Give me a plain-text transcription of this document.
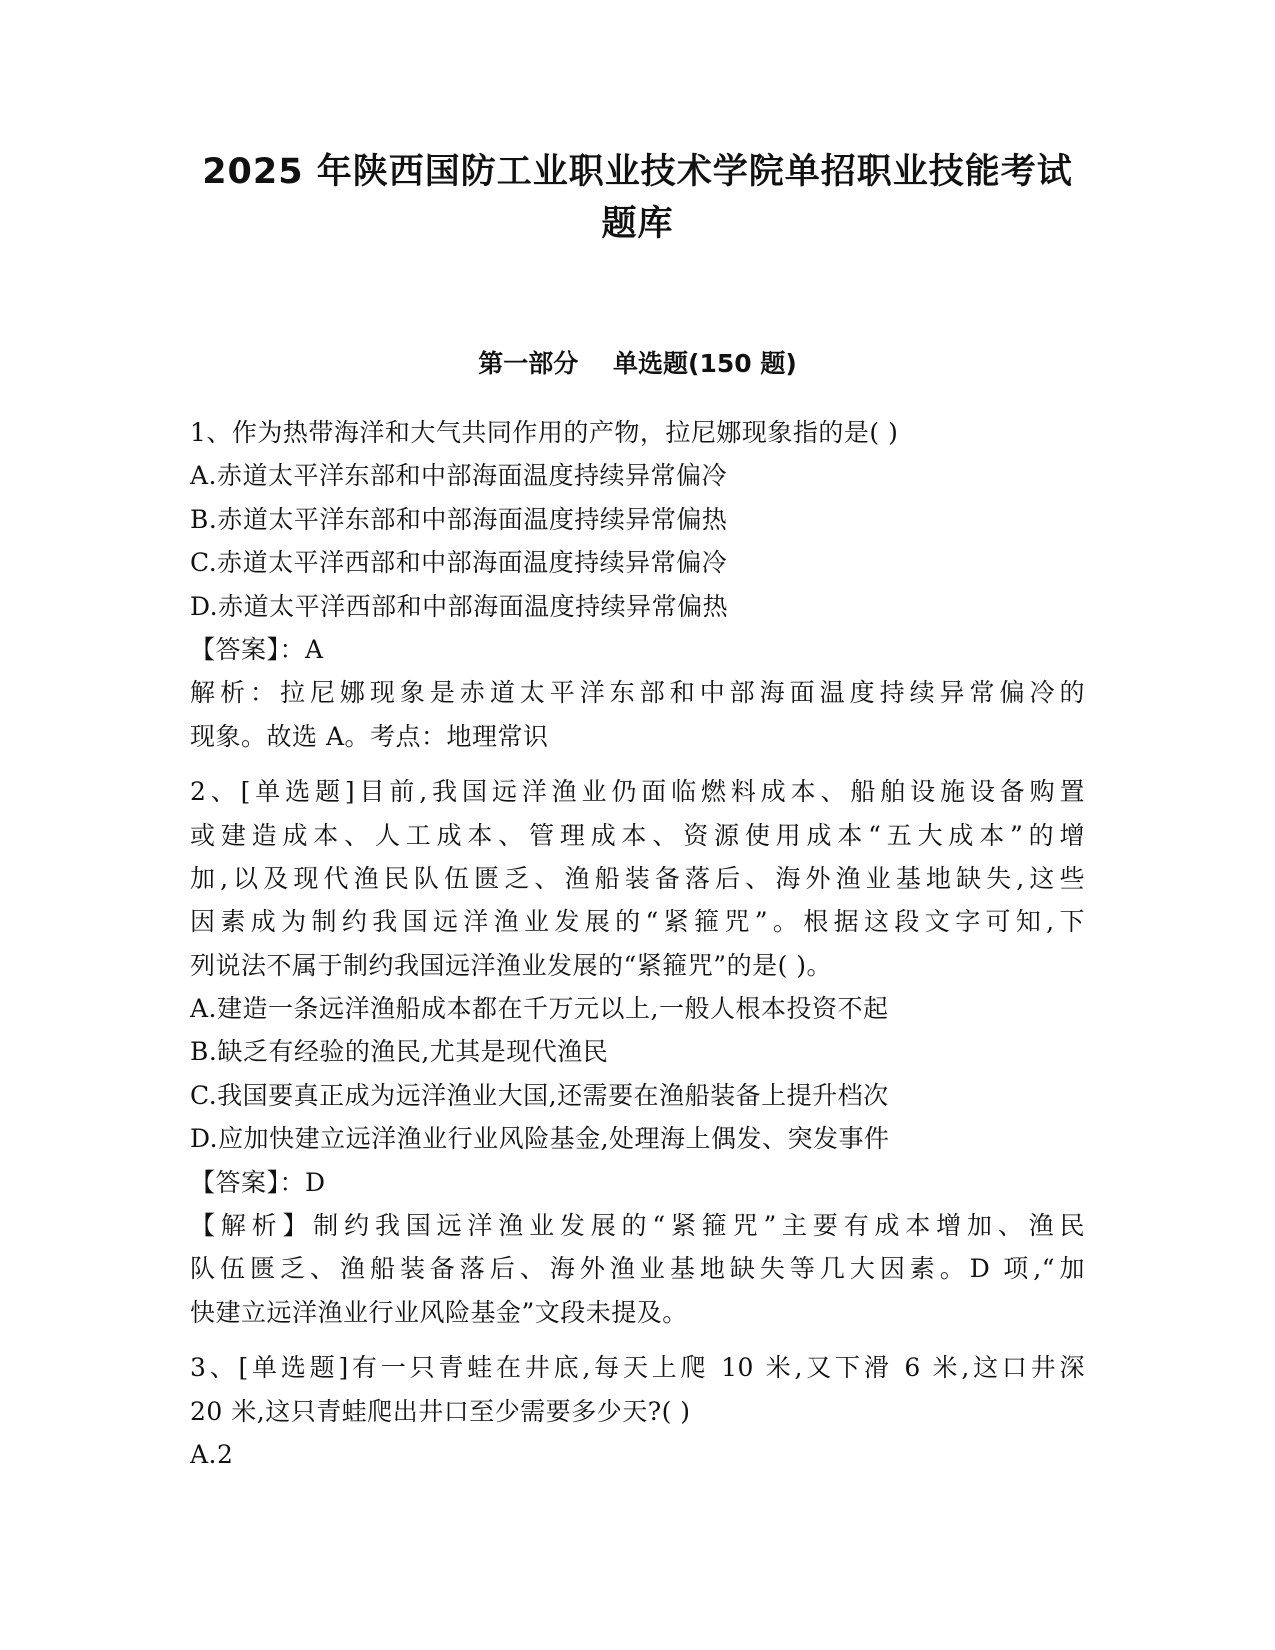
2025 年陕西国防工业职业技术学院单招职业技能考试
题库
第一部分    单选题(150 题)
1、作为热带海洋和大气共同作用的产物，拉尼娜现象指的是( )
A.赤道太平洋东部和中部海面温度持续异常偏冷
B.赤道太平洋东部和中部海面温度持续异常偏热
C.赤道太平洋西部和中部海面温度持续异常偏冷
D.赤道太平洋西部和中部海面温度持续异常偏热
【答案】：A
解析：拉尼娜现象是赤道太平洋东部和中部海面温度持续异常偏冷的
现象。故选 A。考点：地理常识
2、[单选题]目前,我国远洋渔业仍面临燃料成本、船舶设施设备购置
或建造成本、人工成本、管理成本、资源使用成本“五大成本”的增
加,以及现代渔民队伍匮乏、渔船装备落后、海外渔业基地缺失,这些
因素成为制约我国远洋渔业发展的“紧箍咒”。根据这段文字可知,下
列说法不属于制约我国远洋渔业发展的“紧箍咒”的是( )。
A.建造一条远洋渔船成本都在千万元以上,一般人根本投资不起
B.缺乏有经验的渔民,尤其是现代渔民
C.我国要真正成为远洋渔业大国,还需要在渔船装备上提升档次
D.应加快建立远洋渔业行业风险基金,处理海上偶发、突发事件
【答案】：D
【解析】制约我国远洋渔业发展的“紧箍咒”主要有成本增加、渔民
队伍匮乏、渔船装备落后、海外渔业基地缺失等几大因素。D 项,“加
快建立远洋渔业行业风险基金”文段未提及。
3、[单选题]有一只青蛙在井底,每天上爬 10 米,又下滑 6 米,这口井深
20 米,这只青蛙爬出井口至少需要多少天?( )
A.2
